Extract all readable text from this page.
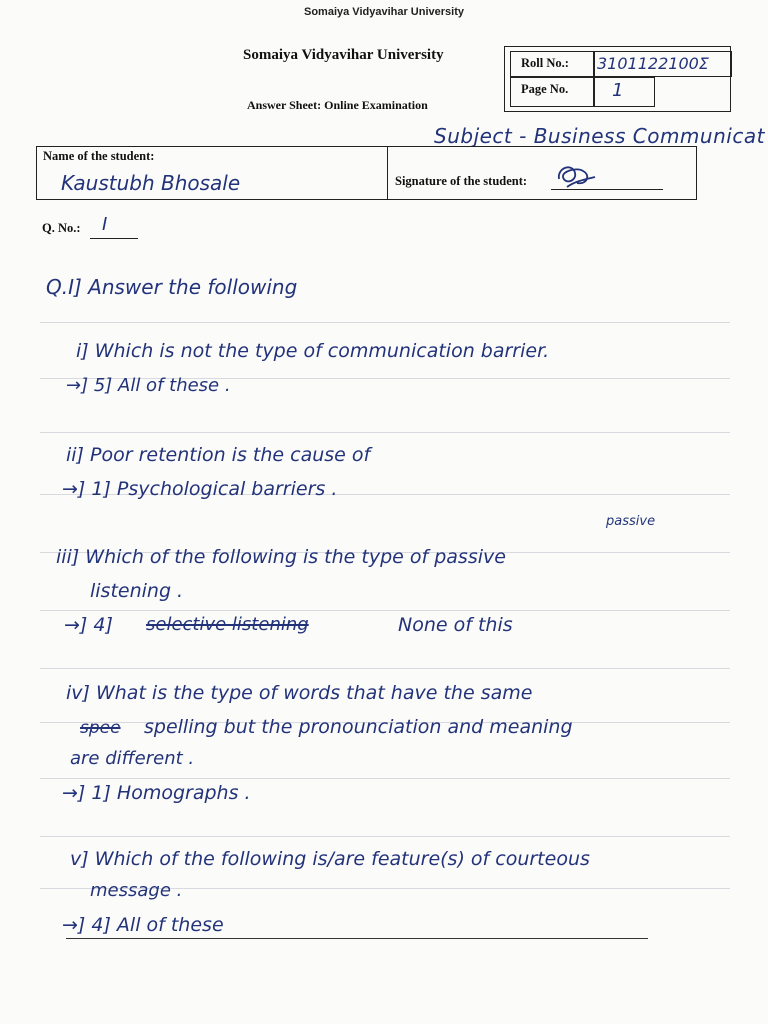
Somaiya Vidyavihar University
Somaiya Vidyavihar University
Answer Sheet: Online Examination
Roll No.: 3101122100Σ
Page No. 1
Subject - Business Communicat
Name of the student:
Kaustubh Bhosale	Signature of the student:
Q. No.: I
Q.I] Answer the following
i] Which is not the type of communication barrier.
→] 5] All of these .
ii] Poor retention is the cause of
→] 1] Psychological barriers .
passive
iii] Which of the following is the type of passive
listening .
→] 4] selective listening	None of this
iv] What is the type of words that have the same
spee spelling but the pronounciation and meaning
are different .
→] 1] Homographs .
v] Which of the following is/are feature(s) of courteous
message .
→] 4] All of these
